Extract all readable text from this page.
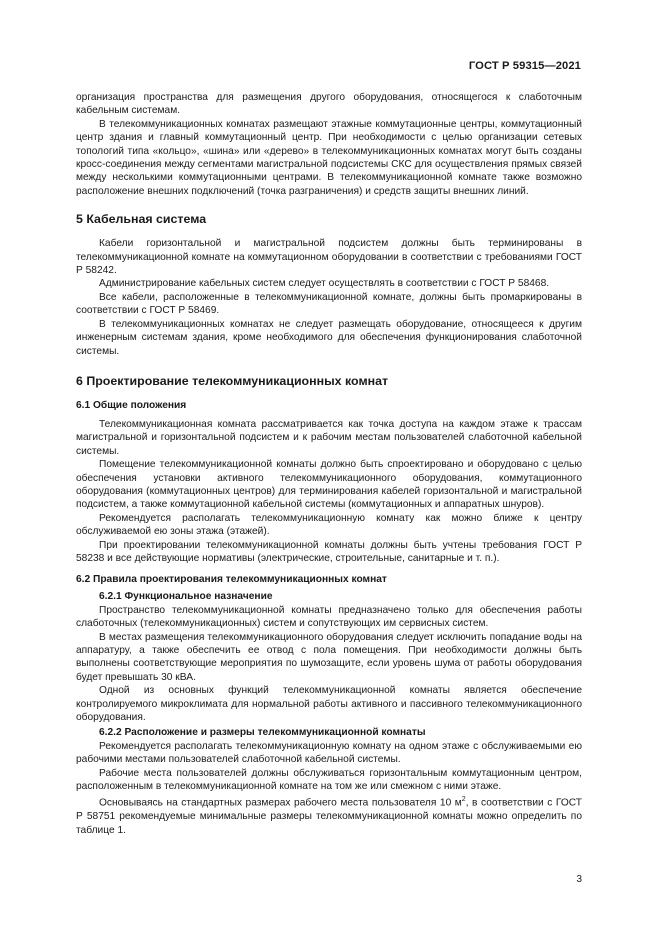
ГОСТ Р 59315—2021

организация пространства для размещения другого оборудования, относящегося к слаботочным кабельным системам.

В телекоммуникационных комнатах размещают этажные коммутационные центры, коммутационный центр здания и главный коммутационный центр. При необходимости с целью организации сетевых топологий типа «кольцо», «шина» или «дерево» в телекоммуникационных комнатах могут быть созданы кросс-соединения между сегментами магистральной подсистемы СКС для осуществления прямых связей между несколькими коммутационными центрами. В телекоммуникационной комнате также возможно расположение внешних подключений (точка разграничения) и средств защиты внешних линий.

5 Кабельная система

Кабели горизонтальной и магистральной подсистем должны быть терминированы в телекоммуникационной комнате на коммутационном оборудовании в соответствии с требованиями ГОСТ Р 58242.

Администрирование кабельных систем следует осуществлять в соответствии с ГОСТ Р 58468.

Все кабели, расположенные в телекоммуникационной комнате, должны быть промаркированы в соответствии с ГОСТ Р 58469.

В телекоммуникационных комнатах не следует размещать оборудование, относящееся к другим инженерным системам здания, кроме необходимого для обеспечения функционирования слаботочной системы.

6 Проектирование телекоммуникационных комнат
6.1 Общие положения

Телекоммуникационная комната рассматривается как точка доступа на каждом этаже к трассам магистральной и горизонтальной подсистем и к рабочим местам пользователей слаботочной кабельной системы.

Помещение телекоммуникационной комнаты должно быть спроектировано и оборудовано с целью обеспечения установки активного телекоммуникационного оборудования, коммутационного оборудования (коммутационных центров) для терминирования кабелей горизонтальной и магистральной подсистем, а также коммутационной кабельной системы (коммутационных и аппаратных шнуров).

Рекомендуется располагать телекоммуникационную комнату как можно ближе к центру обслуживаемой ею зоны этажа (этажей).

При проектировании телекоммуникационной комнаты должны быть учтены требования ГОСТ Р 58238 и все действующие нормативы (электрические, строительные, санитарные и т. п.).

6.2 Правила проектирования телекоммуникационных комнат
6.2.1 Функциональное назначение

Пространство телекоммуникационной комнаты предназначено только для обеспечения работы слаботочных (телекоммуникационных) систем и сопутствующих им сервисных систем.

В местах размещения телекоммуникационного оборудования следует исключить попадание воды на аппаратуру, а также обеспечить ее отвод с пола помещения. При необходимости должны быть выполнены соответствующие мероприятия по шумозащите, если уровень шума от работы оборудования будет превышать 30 кВА.

Одной из основных функций телекоммуникационной комнаты является обеспечение контролируемого микроклимата для нормальной работы активного и пассивного телекоммуникационного оборудования.

6.2.2 Расположение и размеры телекоммуникационной комнаты

Рекомендуется располагать телекоммуникационную комнату на одном этаже с обслуживаемыми ею рабочими местами пользователей слаботочной кабельной системы.

Рабочие места пользователей должны обслуживаться горизонтальным коммутационным центром, расположенным в телекоммуникационной комнате на том же или смежном с ними этаже.

Основываясь на стандартных размерах рабочего места пользователя 10 $м^2$, в соответствии с ГОСТ Р 58751 рекомендуемые минимальные размеры телекоммуникационной комнаты можно определить по таблице 1.

3
